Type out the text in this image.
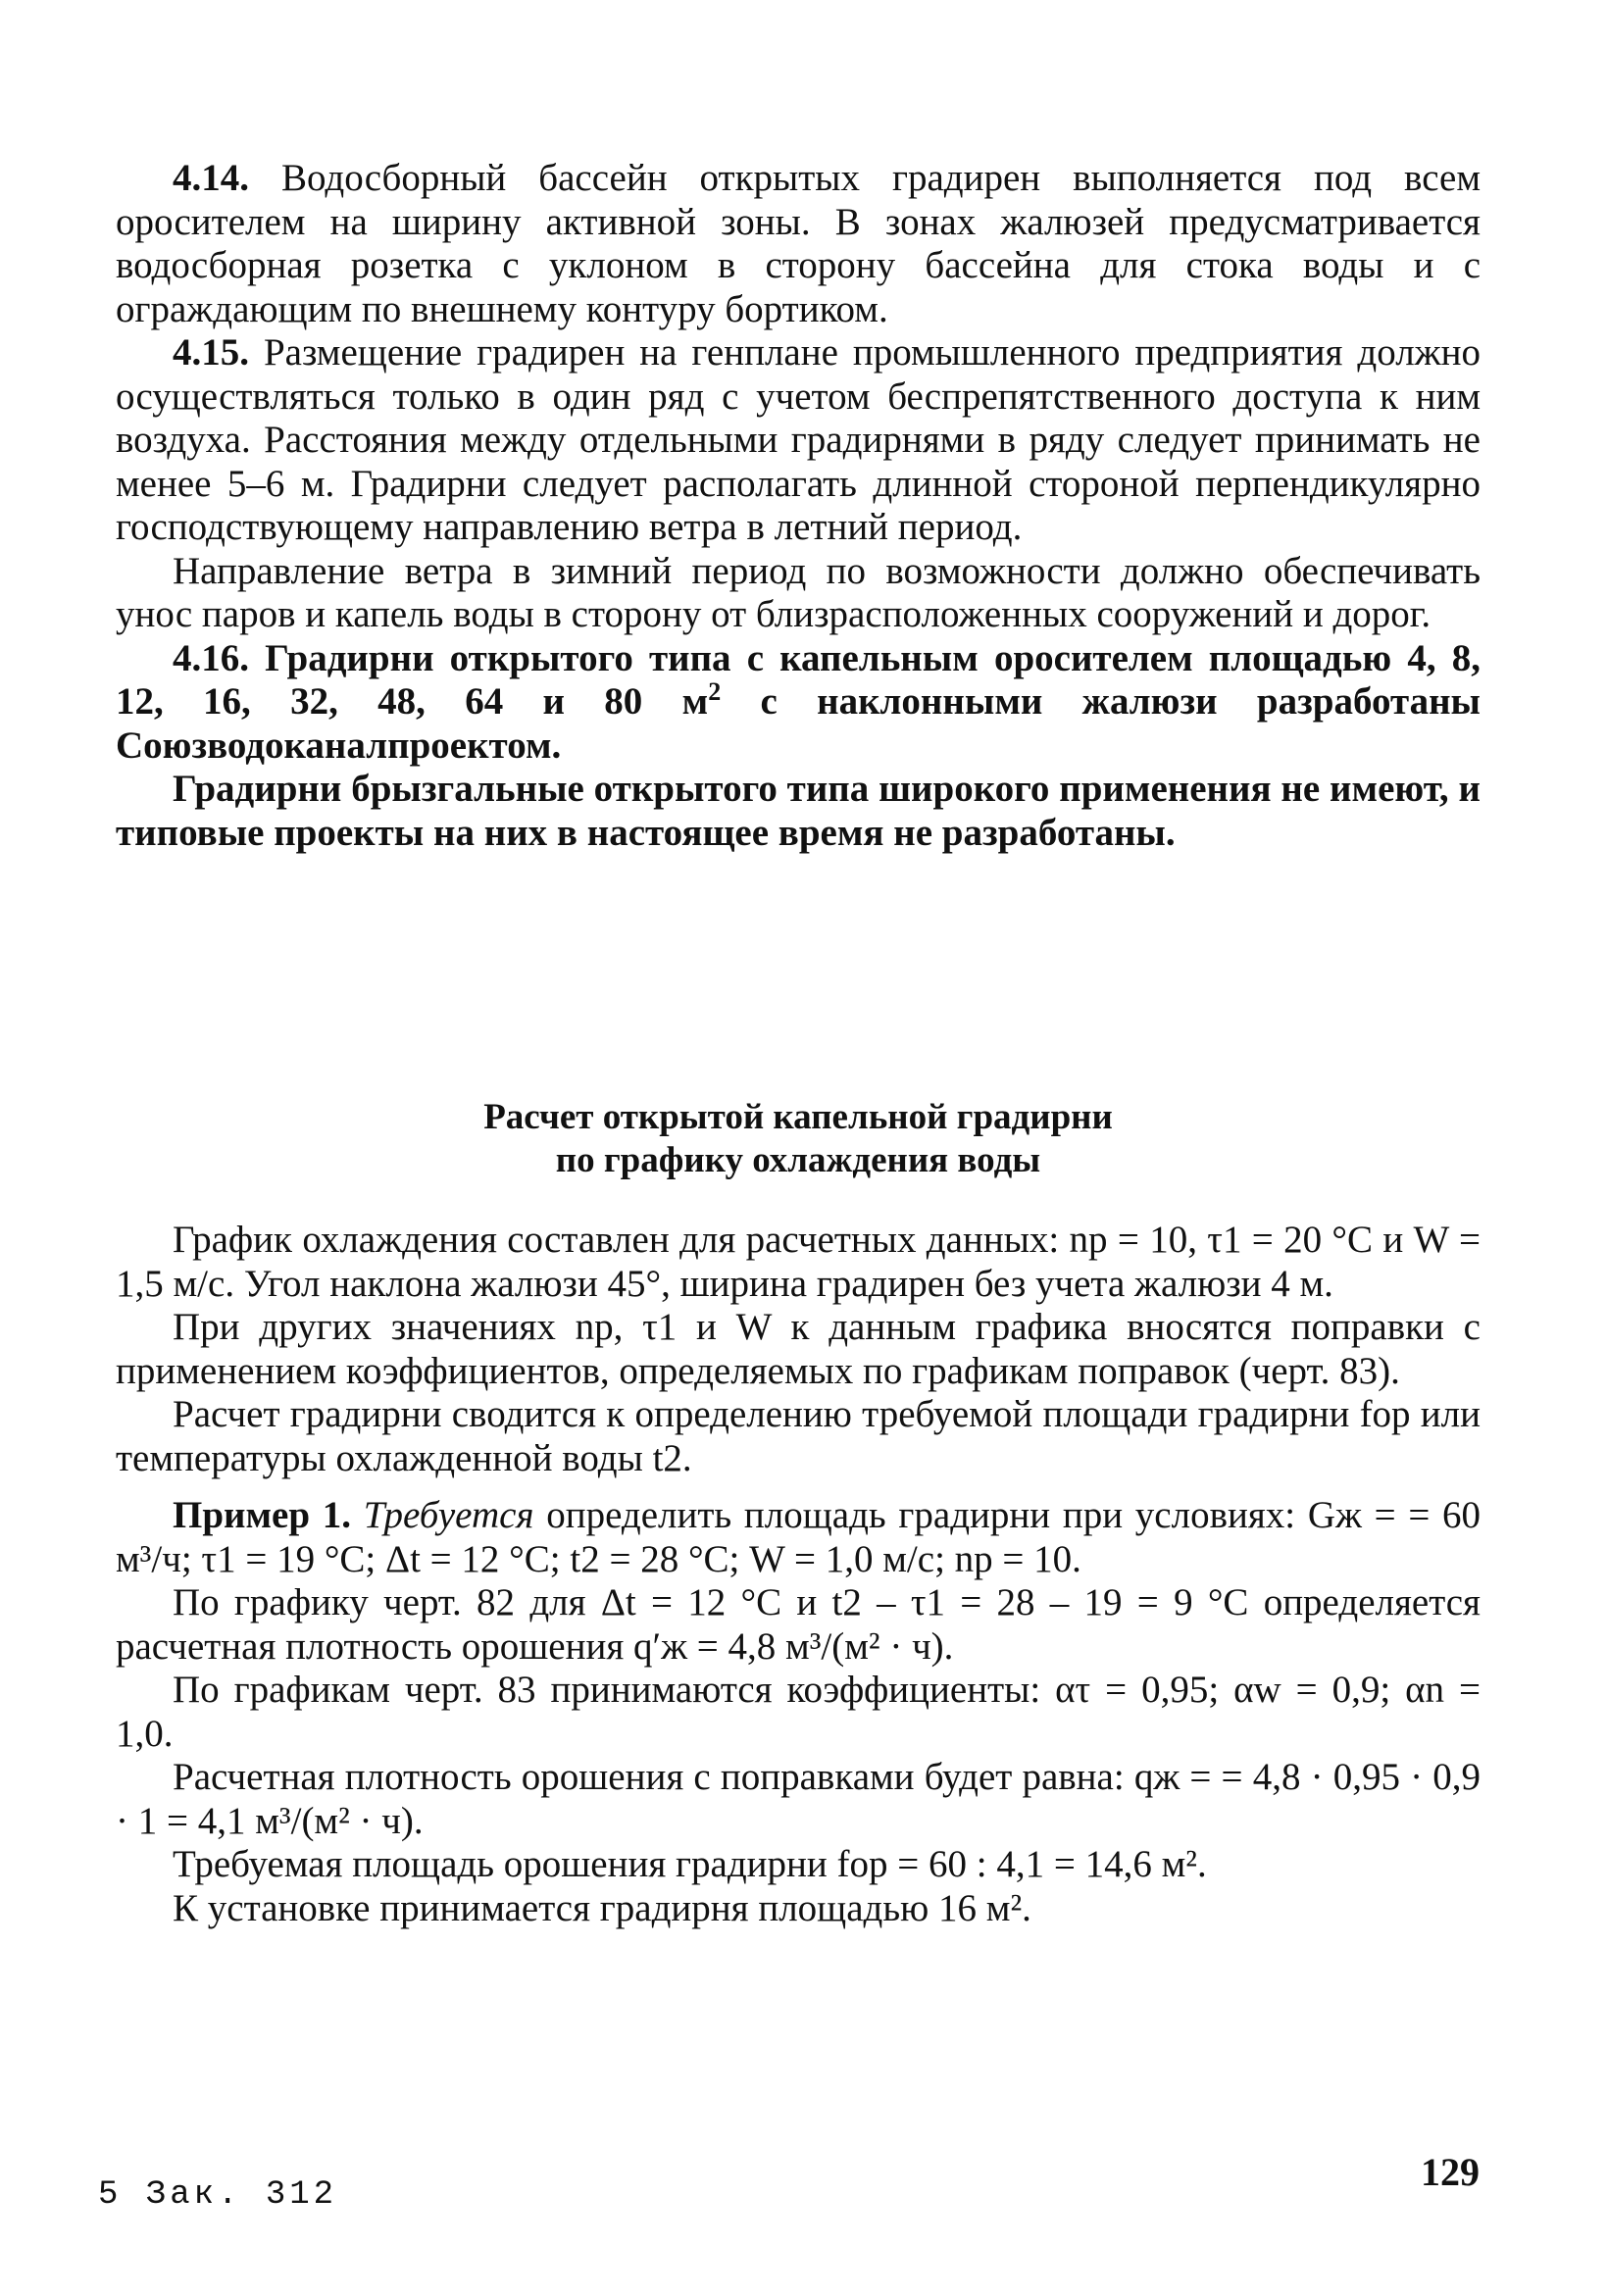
4.14. Водосборный бассейн открытых градирен выполняется под всем оросителем на ширину активной зоны. В зонах жалюзей предусматривается водосборная розетка с уклоном в сторону бассейна для стока воды и с ограждающим по внешнему контуру бортиком.

4.15. Размещение градирен на генплане промышленного предприятия должно осуществляться только в один ряд с учетом беспрепятственного доступа к ним воздуха. Расстояния между отдельными градирнями в ряду следует принимать не менее 5–6 м. Градирни следует располагать длинной стороной перпендикулярно господствующему направлению ветра в летний период.

Направление ветра в зимний период по возможности должно обеспечивать унос паров и капель воды в сторону от близрасположенных сооружений и дорог.

4.16. Градирни открытого типа с капельным оросителем площадью 4, 8, 12, 16, 32, 48, 64 и 80 $м^2$ с наклонными жалюзи разработаны Союзводоканалпроектом.

Градирни брызгальные открытого типа широкого применения не имеют, и типовые проекты на них в настоящее время не разработаны.

Расчет открытой капельной градирни
по графику охлаждения воды

График охлаждения составлен для расчетных данных: nр = 10, τ1 = 20 °С и W = 1,5 м/с. Угол наклона жалюзи 45°, ширина градирен без учета жалюзи 4 м.

При других значениях nр, τ1 и W к данным графика вносятся поправки с применением коэффициентов, определяемых по графикам поправок (черт. 83).

Расчет градирни сводится к определению требуемой площади градирни fор или температуры охлажденной воды t2.

Пример 1. Требуется определить площадь градирни при условиях: Gж = = 60 м³/ч; τ1 = 19 °С; Δt = 12 °С; t2 = 28 °С; W = 1,0 м/с; nр = 10.

По графику черт. 82 для Δt = 12 °С и t2 – τ1 = 28 – 19 = 9 °С определяется расчетная плотность орошения q′ж = 4,8 м³/(м² · ч).

По графикам черт. 83 принимаются коэффициенты: ατ = 0,95; αw = 0,9; αn = 1,0.

Расчетная плотность орошения с поправками будет равна: qж = = 4,8 · 0,95 · 0,9 · 1 = 4,1 м³/(м² · ч).

Требуемая площадь орошения градирни fор = 60 : 4,1 = 14,6 м².

К установке принимается градирня площадью 16 м².

5 Зак. 312
129
